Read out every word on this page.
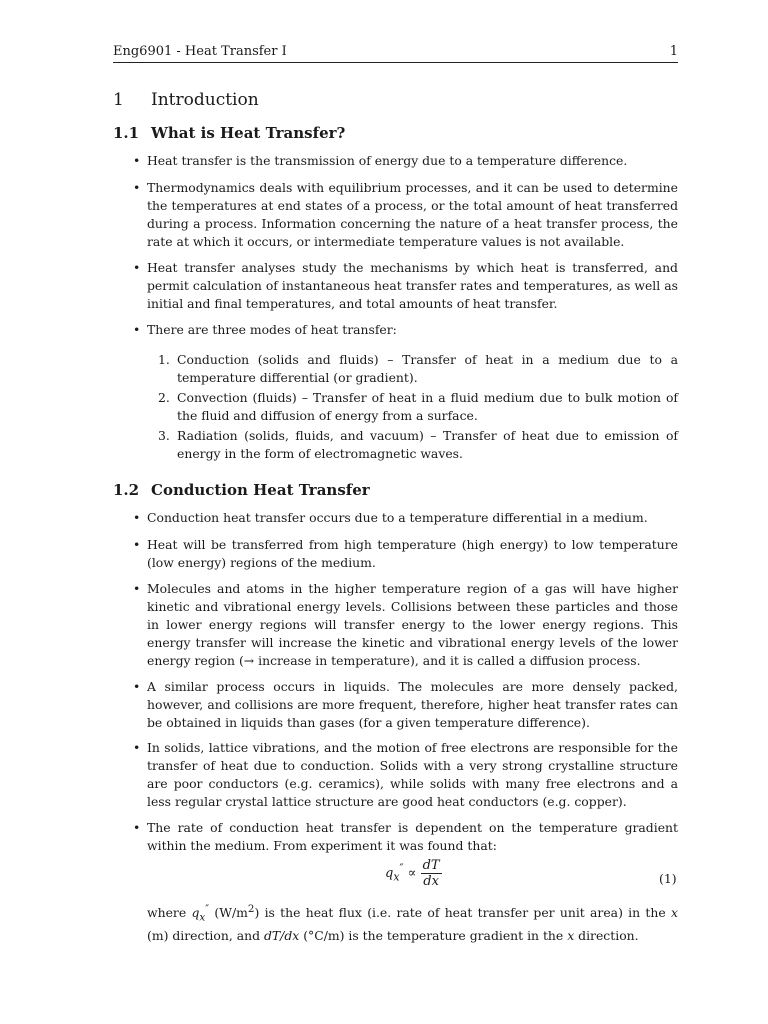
Eng6901 - Heat Transfer I	1
1 Introduction
1.1 What is Heat Transfer?
• Heat transfer is the transmission of energy due to a temperature difference.
• Thermodynamics deals with equilibrium processes, and it can be used to determine the temperatures at end states of a process, or the total amount of heat transferred during a process. Information concerning the nature of a heat transfer process, the rate at which it occurs, or intermediate temperature values is not available.
• Heat transfer analyses study the mechanisms by which heat is transferred, and permit calculation of instantaneous heat transfer rates and temperatures, as well as initial and final temperatures, and total amounts of heat transfer.
• There are three modes of heat transfer:
1. Conduction (solids and fluids) – Transfer of heat in a medium due to a temperature differential (or gradient).
2. Convection (fluids) – Transfer of heat in a fluid medium due to bulk motion of the fluid and diffusion of energy from a surface.
3. Radiation (solids, fluids, and vacuum) – Transfer of heat due to emission of energy in the form of electromagnetic waves.
1.2 Conduction Heat Transfer
• Conduction heat transfer occurs due to a temperature differential in a medium.
• Heat will be transferred from high temperature (high energy) to low temperature (low energy) regions of the medium.
• Molecules and atoms in the higher temperature region of a gas will have higher kinetic and vibrational energy levels. Collisions between these particles and those in lower energy regions will transfer energy to the lower energy regions. This energy transfer will increase the kinetic and vibrational energy levels of the lower energy region (→ increase in temperature), and it is called a diffusion process.
• A similar process occurs in liquids. The molecules are more densely packed, however, and collisions are more frequent, therefore, higher heat transfer rates can be obtained in liquids than gases (for a given temperature difference).
• In solids, lattice vibrations, and the motion of free electrons are responsible for the transfer of heat due to conduction. Solids with a very strong crystalline structure are poor conductors (e.g. ceramics), while solids with many free electrons and a less regular crystal lattice structure are good heat conductors (e.g. copper).
• The rate of conduction heat transfer is dependent on the temperature gradient within the medium. From experiment it was found that:
$q_x'' \propto \frac{dT}{dx}$	(1)
where $q_x''$ $(W/m^2)$ is the heat flux (i.e. rate of heat transfer per unit area) in the x (m) direction, and dT/dx (°C/m) is the temperature gradient in the x direction.
